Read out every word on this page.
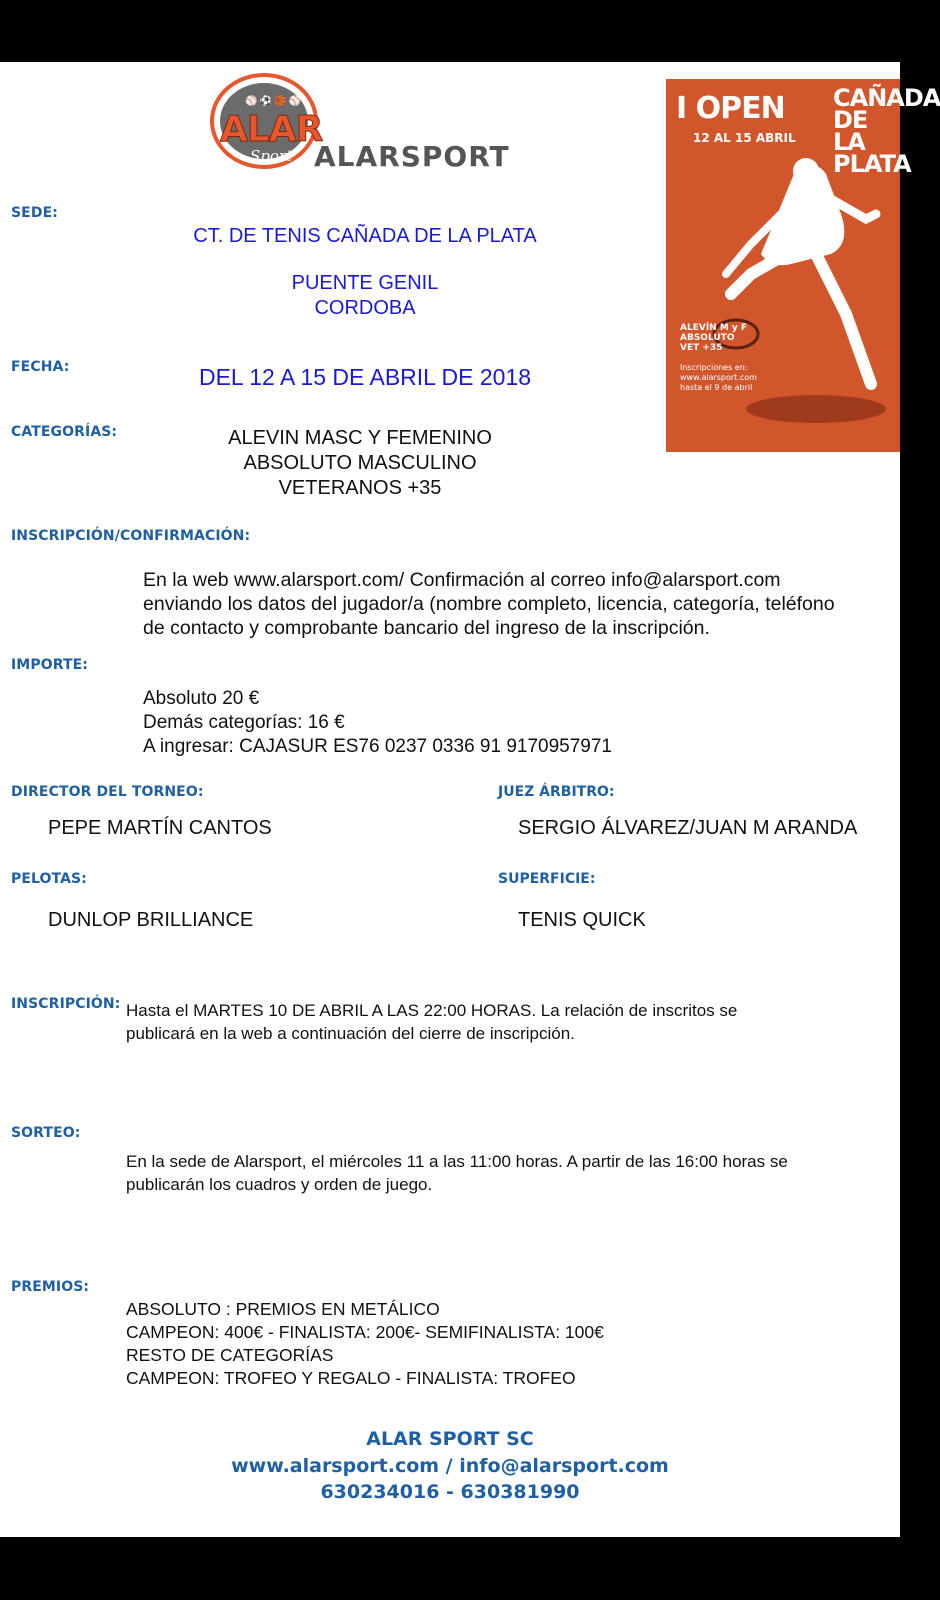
⚾⚽🏀⚾
ALAR
Sport ALARSPORT
I OPEN
12 AL 15 ABRIL
CAÑADA DE LA PLATA
ALEVÍN M y F
ABSOLUTO
VET +35
Inscripciones en:
www.alarsport.com
hasta el 9 de abril
SEDE:
CT. DE TENIS CAÑADA DE LA PLATA
PUENTE GENIL
CORDOBA
FECHA:	DEL 12 A 15 DE ABRIL DE 2018
CATEGORÍAS:	ALEVIN MASC Y FEMENINO
ABSOLUTO MASCULINO
VETERANOS +35
INSCRIPCIÓN/CONFIRMACIÓN:
En la web www.alarsport.com/ Confirmación al correo info@alarsport.com
enviando los datos del jugador/a (nombre completo, licencia, categoría, teléfono
de contacto y comprobante bancario del ingreso de la inscripción.
IMPORTE:
Absoluto 20 €
Demás categorías: 16 €
A ingresar: CAJASUR ES76 0237 0336 91 9170957971
DIRECTOR DEL TORNEO:	JUEZ ÁRBITRO:
PEPE MARTÍN CANTOS	SERGIO ÁLVAREZ/JUAN M ARANDA
PELOTAS:	SUPERFICIE:
DUNLOP BRILLIANCE	TENIS QUICK
INSCRIPCIÓN: Hasta el MARTES 10 DE ABRIL A LAS 22:00 HORAS. La relación de inscritos se
publicará en la web a continuación del cierre de inscripción.
SORTEO:
En la sede de Alarsport, el miércoles 11 a las 11:00 horas. A partir de las 16:00 horas se
publicarán los cuadros y orden de juego.
PREMIOS:
ABSOLUTO : PREMIOS EN METÁLICO
CAMPEON: 400€ - FINALISTA: 200€- SEMIFINALISTA: 100€
RESTO DE CATEGORÍAS
CAMPEON: TROFEO Y REGALO - FINALISTA: TROFEO
ALAR SPORT SC
www.alarsport.com / info@alarsport.com
630234016 - 630381990
